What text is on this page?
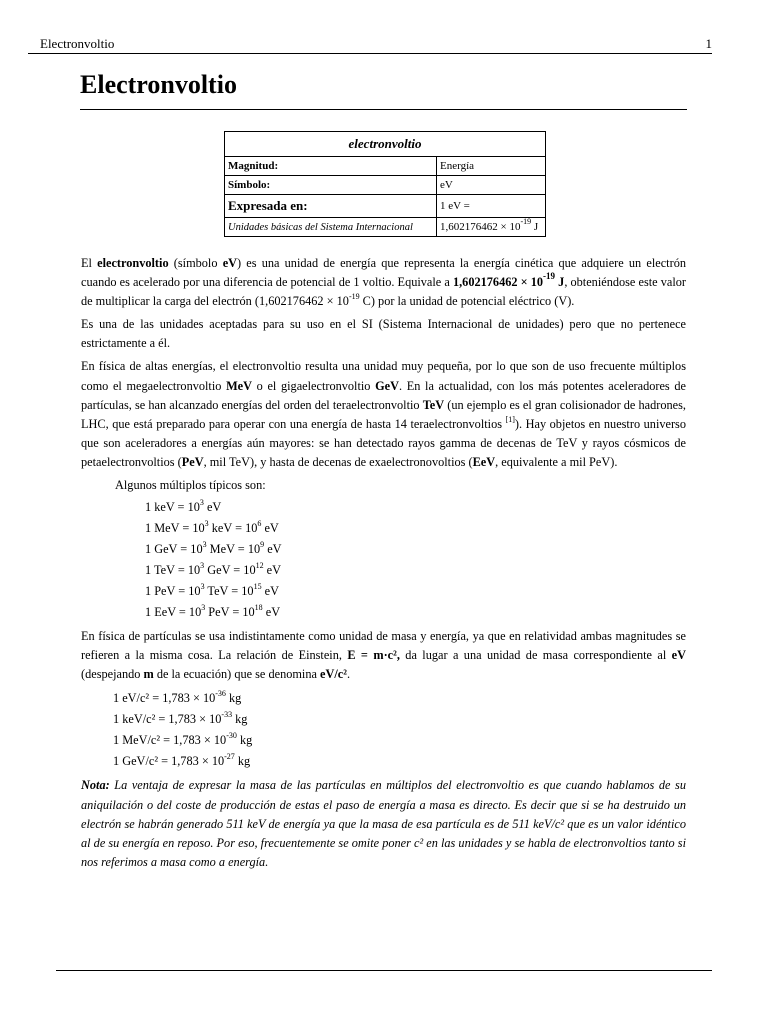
Electronvoltio	1
Electronvoltio
electronvoltio	
Magnitud:	Energía
Símbolo:	eV
Expresada en:	1 eV =
Unidades básicas del Sistema Internacional	$1,602176462 \times 10^{-19}$ J

El electronvoltio (símbolo eV) es una unidad de energía que representa la energía cinética que adquiere un electrón cuando es acelerado por una diferencia de potencial de 1 voltio. Equivale a $1,602176462 \times 10^{-19}$ J, obteniéndose este valor de multiplicar la carga del electrón ($1,602176462 \times 10^{-19}$ C) por la unidad de potencial eléctrico (V).

Es una de las unidades aceptadas para su uso en el SI (Sistema Internacional de unidades) pero que no pertenece estrictamente a él.

En física de altas energías, el electronvoltio resulta una unidad muy pequeña, por lo que son de uso frecuente múltiplos como el megaelectronvoltio MeV o el gigaelectronvoltio GeV. En la actualidad, con los más potentes aceleradores de partículas, se han alcanzado energías del orden del teraelectronvoltio TeV (un ejemplo es el gran colisionador de hadrones, LHC, que está preparado para operar con una energía de hasta 14 teraelectronvoltios [1]). Hay objetos en nuestro universo que son aceleradores a energías aún mayores: se han detectado rayos gamma de decenas de TeV y rayos cósmicos de petaelectronvoltios (PeV, mil TeV), y hasta de decenas de exaelectronovoltios (EeV, equivalente a mil PeV).

Algunos múltiplos típicos son:

1 keV = $10^3$ eV

1 MeV = $10^3$ keV = $10^6$ eV

1 GeV = $10^3$ MeV = $10^9$ eV

1 TeV = $10^3$ GeV = $10^{12}$ eV

1 PeV = $10^3$ TeV = $10^{15}$ eV

1 EeV = $10^3$ PeV = $10^{18}$ eV

En física de partículas se usa indistintamente como unidad de masa y energía, ya que en relatividad ambas magnitudes se refieren a la misma cosa. La relación de Einstein, E = m·c², da lugar a una unidad de masa correspondiente al eV (despejando m de la ecuación) que se denomina eV/c².

1 $eV/c^2 = 1,783 \times 10^{-36}$ kg

1 $keV/c^2 = 1,783 \times 10^{-33}$ kg

1 $MeV/c^2 = 1,783 \times 10^{-30}$ kg

1 $GeV/c^2 = 1,783 \times 10^{-27}$ kg

Nota: La ventaja de expresar la masa de las partículas en múltiplos del electronvoltio es que cuando hablamos de su aniquilación o del coste de producción de estas el paso de energía a masa es directo. Es decir que si se ha destruido un electrón se habrán generado 511 keV de energía ya que la masa de esa partícula es de 511 keV/c² que es un valor idéntico al de su energía en reposo. Por eso, frecuentemente se omite poner c² en las unidades y se habla de electronvoltios tanto si nos referimos a masa como a energía.
